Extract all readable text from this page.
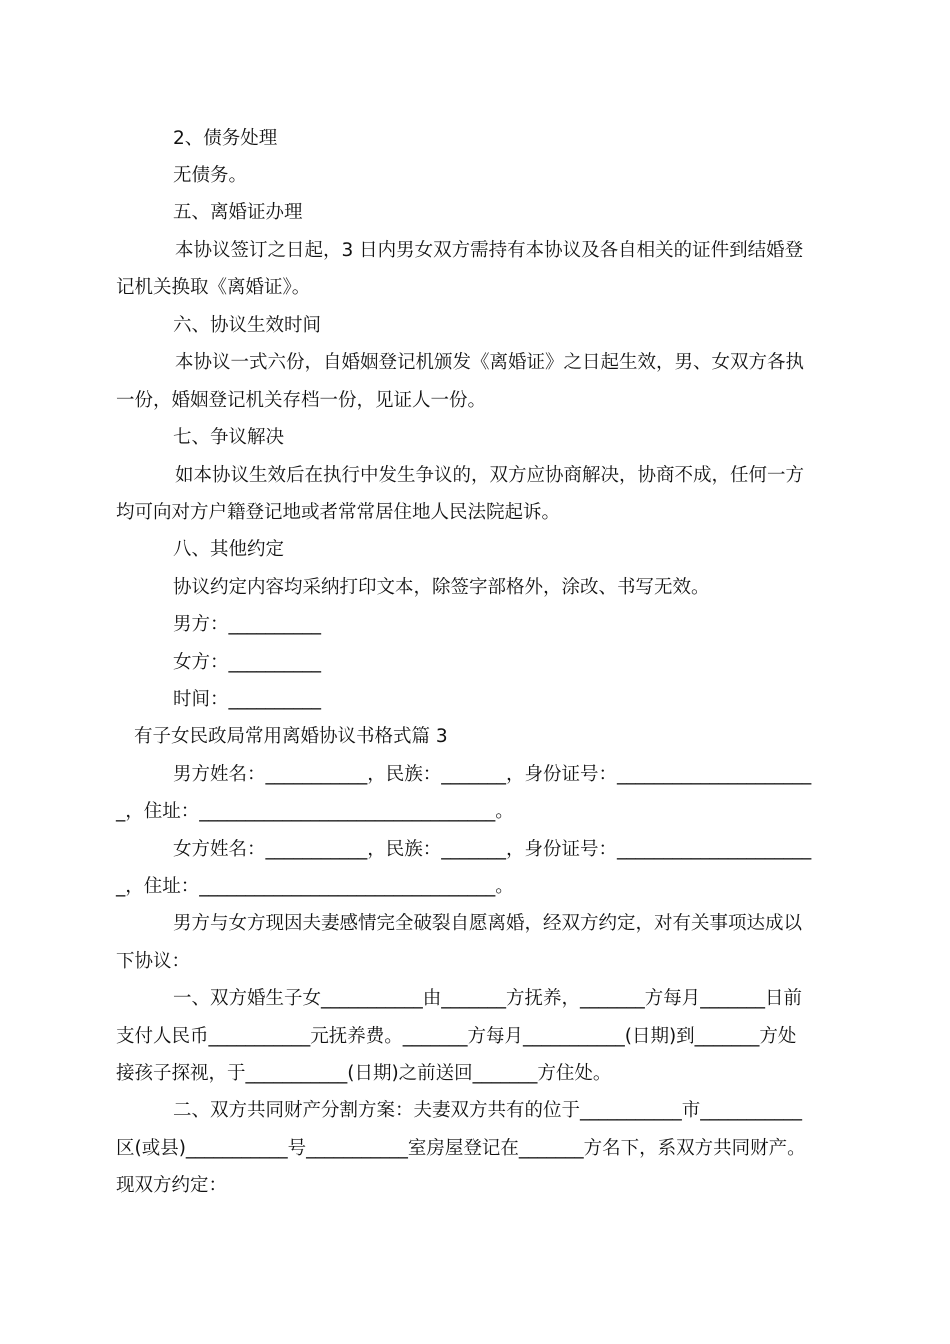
2、债务处理
无债务。
五、离婚证办理
本协议签订之日起，3 日内男女双方需持有本协议及各自相关的证件到结婚登
记机关换取《离婚证》。
六、协议生效时间
本协议一式六份，自婚姻登记机颁发《离婚证》之日起生效，男、女双方各执
一份，婚姻登记机关存档一份，见证人一份。
七、争议解决
如本协议生效后在执行中发生争议的，双方应协商解决，协商不成，任何一方
均可向对方户籍登记地或者常常居住地人民法院起诉。
八、其他约定
协议约定内容均采纳打印文本，除签字部格外，涂改、书写无效。
男方：__________
女方：__________
时间：__________
有子女民政局常用离婚协议书格式篇 3
男方姓名：___________，民族：_______，身份证号：_____________________
_，住址：________________________________。
女方姓名：___________，民族：_______，身份证号：_____________________
_，住址：________________________________。
男方与女方现因夫妻感情完全破裂自愿离婚，经双方约定，对有关事项达成以
下协议：
一、双方婚生子女___________由_______方抚养，_______方每月_______日前
支付人民币___________元抚养费。_______方每月___________(日期)到_______方处
接孩子探视，于___________(日期)之前送回_______方住处。
二、双方共同财产分割方案：夫妻双方共有的位于___________市___________
区(或县)___________号___________室房屋登记在_______方名下，系双方共同财产。
现双方约定：
